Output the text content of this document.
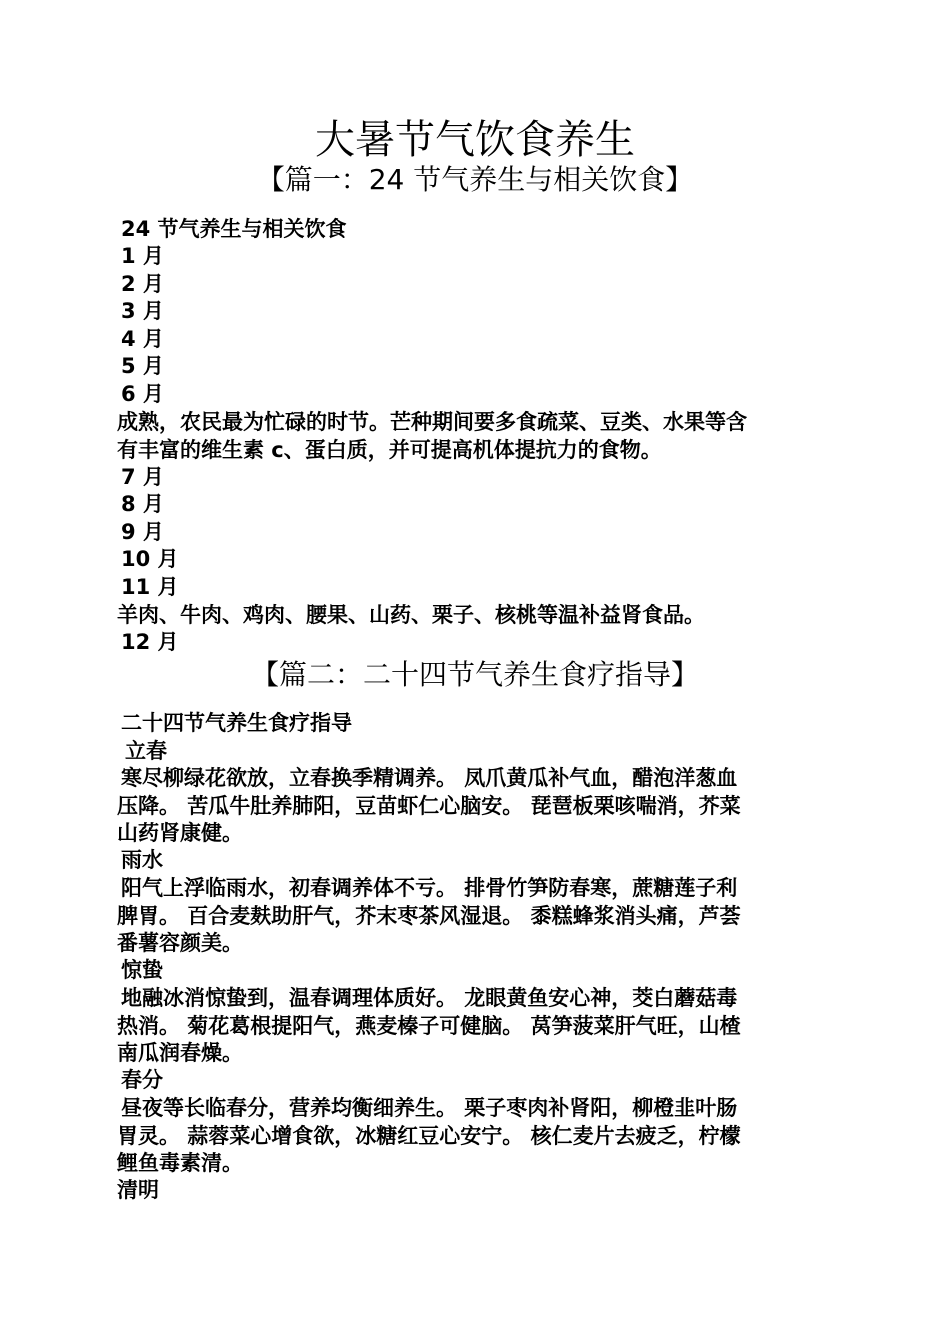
大暑节气饮食养生
【篇一：24 节气养生与相关饮食】
24 节气养生与相关饮食
1 月
2 月
3 月
4 月
5 月
6 月
成熟，农民最为忙碌的时节。芒种期间要多食疏菜、豆类、水果等含
有丰富的维生素 c、蛋白质，并可提高机体提抗力的食物。
7 月
8 月
9 月
10 月
11 月
羊肉、牛肉、鸡肉、腰果、山药、栗子、核桃等温补益肾食品。
12 月
【篇二：二十四节气养生食疗指导】
二十四节气养生食疗指导
立春
寒尽柳绿花欲放，立春换季精调养。 凤爪黄瓜补气血，醋泡洋葱血
压降。 苦瓜牛肚养肺阳，豆苗虾仁心脑安。 琵琶板栗咳喘消，芥菜
山药肾康健。
雨水
阳气上浮临雨水，初春调养体不亏。 排骨竹笋防春寒，蔗糖莲子利
脾胃。 百合麦麸助肝气，芥末枣茶风湿退。 黍糕蜂浆消头痛，芦荟
番薯容颜美。
惊蛰
地融冰消惊蛰到，温春调理体质好。 龙眼黄鱼安心神，茭白蘑菇毒
热消。 菊花葛根提阳气，燕麦榛子可健脑。 莴笋菠菜肝气旺，山楂
南瓜润春燥。
春分
昼夜等长临春分，营养均衡细养生。 栗子枣肉补肾阳，柳橙韭叶肠
胃灵。 蒜蓉菜心增食欲，冰糖红豆心安宁。 核仁麦片去疲乏，柠檬
鲤鱼毒素清。
清明
